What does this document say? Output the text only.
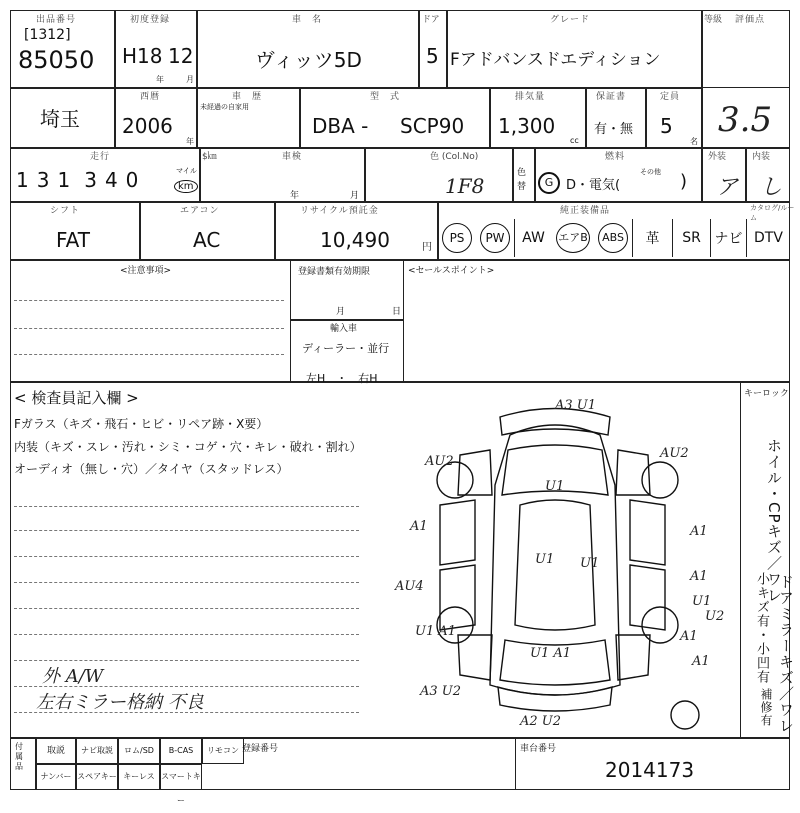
出品番号
[1312]
85050
初度登録
H18 12
年	月
車　名
ヴィッツ5D
ドア
5
グレード
Fアドバンスドエディション
等級 評価点
3.5
埼玉
西暦
2006
年
車　歴
未経過の自家用
型　式
DBA - SCP90
排気量
1,300
cc
保証書
有・無
定員
5
名
走行
1 3 1 3 4 0	マイル
km
$㎞	車検
年	月
色 (Col.No)
1F8
色替
燃料
G D・電気(
その他 )
外装
ア
内装
し
シフト
FAT
エアコン
AC
リサイクル預託金
10,490	円
純正装備品	カタログ/ルーム
PS	PW	AW エアB	ABS 革 SR ナビ DTV
<注意事項>	登録書類有効期限
月	日
輸入車
ディーラー・並行
左H　・　右H
<セールスポイント>
< 検査員記入欄 >
Fガラス（キズ・飛石・ヒビ・リペア跡・X要）
内装（キズ・スレ・汚れ・シミ・コゲ・穴・キレ・破れ・割れ）
オーディオ（無し・穴）／タイヤ（スタッドレス）
外 A/W
左右ミラー格納 不良
キーロック
ホイル・CPキズ／ワレ
ドアミラーキズ／ワレ
小キズ有・小凹有
補修有
A3 U1
AU2
AU2
U1
A1	A1
U1
U1 A1
A1
AU4
A1
U1
U2
U1 A1
A1
A3 U2
A2 U2
U1
付属品
取説	ナビ取説	ロム/SD	B-CAS	リモコン
ナンバー スペアキー キーレス スマートキー
登録番号	車台番号
2014173
